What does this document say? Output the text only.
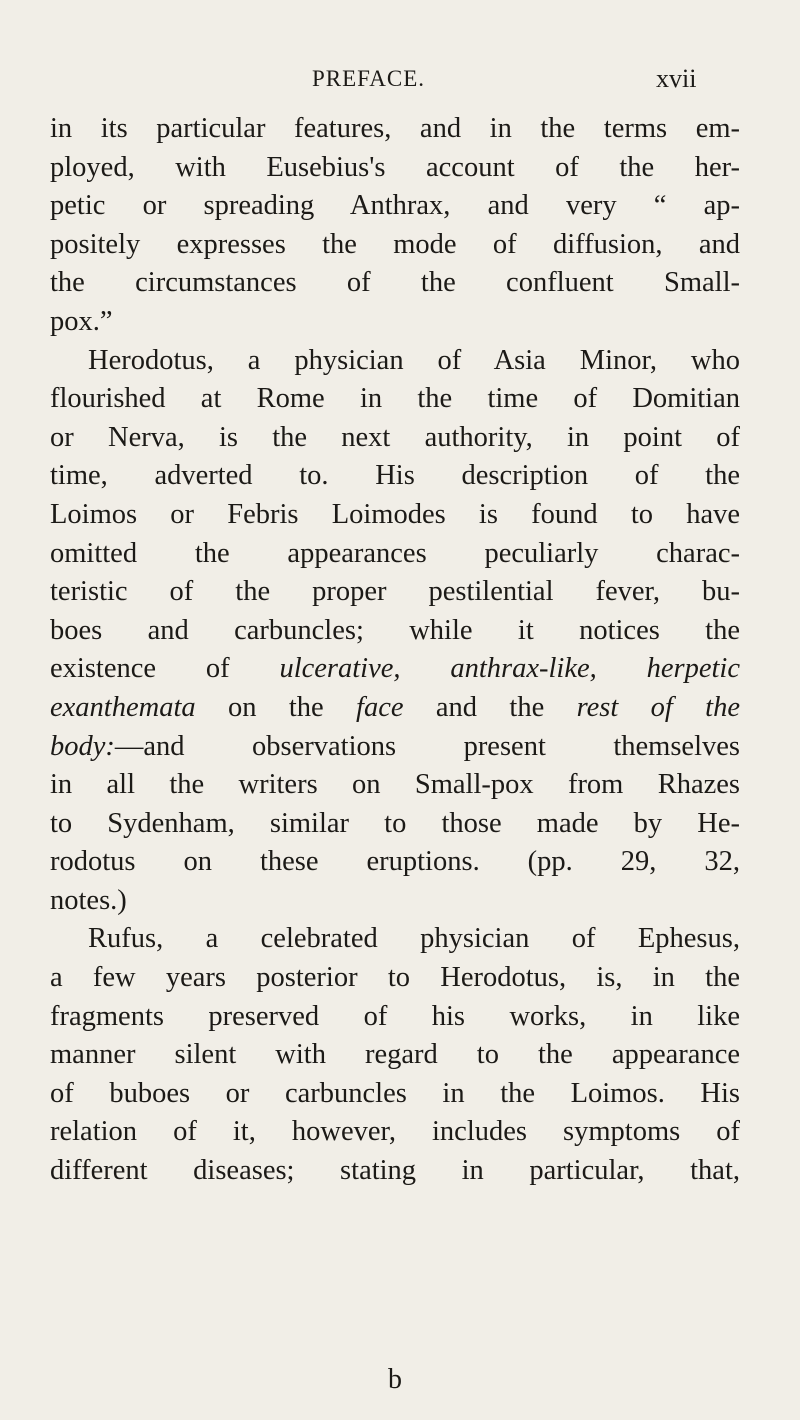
PREFACE.	xvii
in its particular features, and in the terms em-
ployed, with Eusebius's account of the her-
petic or spreading Anthrax, and very “ ap-
positely expresses the mode of diffusion, and
the circumstances of the confluent Small-
pox.”
Herodotus, a physician of Asia Minor, who
flourished at Rome in the time of Domitian
or Nerva, is the next authority, in point of
time, adverted to. His description of the
Loimos or Febris Loimodes is found to have
omitted the appearances peculiarly charac-
teristic of the proper pestilential fever, bu-
boes and carbuncles; while it notices the
existence of ulcerative, anthrax-like, herpetic
exanthemata on the face and the rest of the
body:—and observations present themselves
in all the writers on Small-pox from Rhazes
to Sydenham, similar to those made by He-
rodotus on these eruptions. (pp. 29, 32,
notes.)
Rufus, a celebrated physician of Ephesus,
a few years posterior to Herodotus, is, in the
fragments preserved of his works, in like
manner silent with regard to the appearance
of buboes or carbuncles in the Loimos. His
relation of it, however, includes symptoms of
different diseases; stating in particular, that,
b
